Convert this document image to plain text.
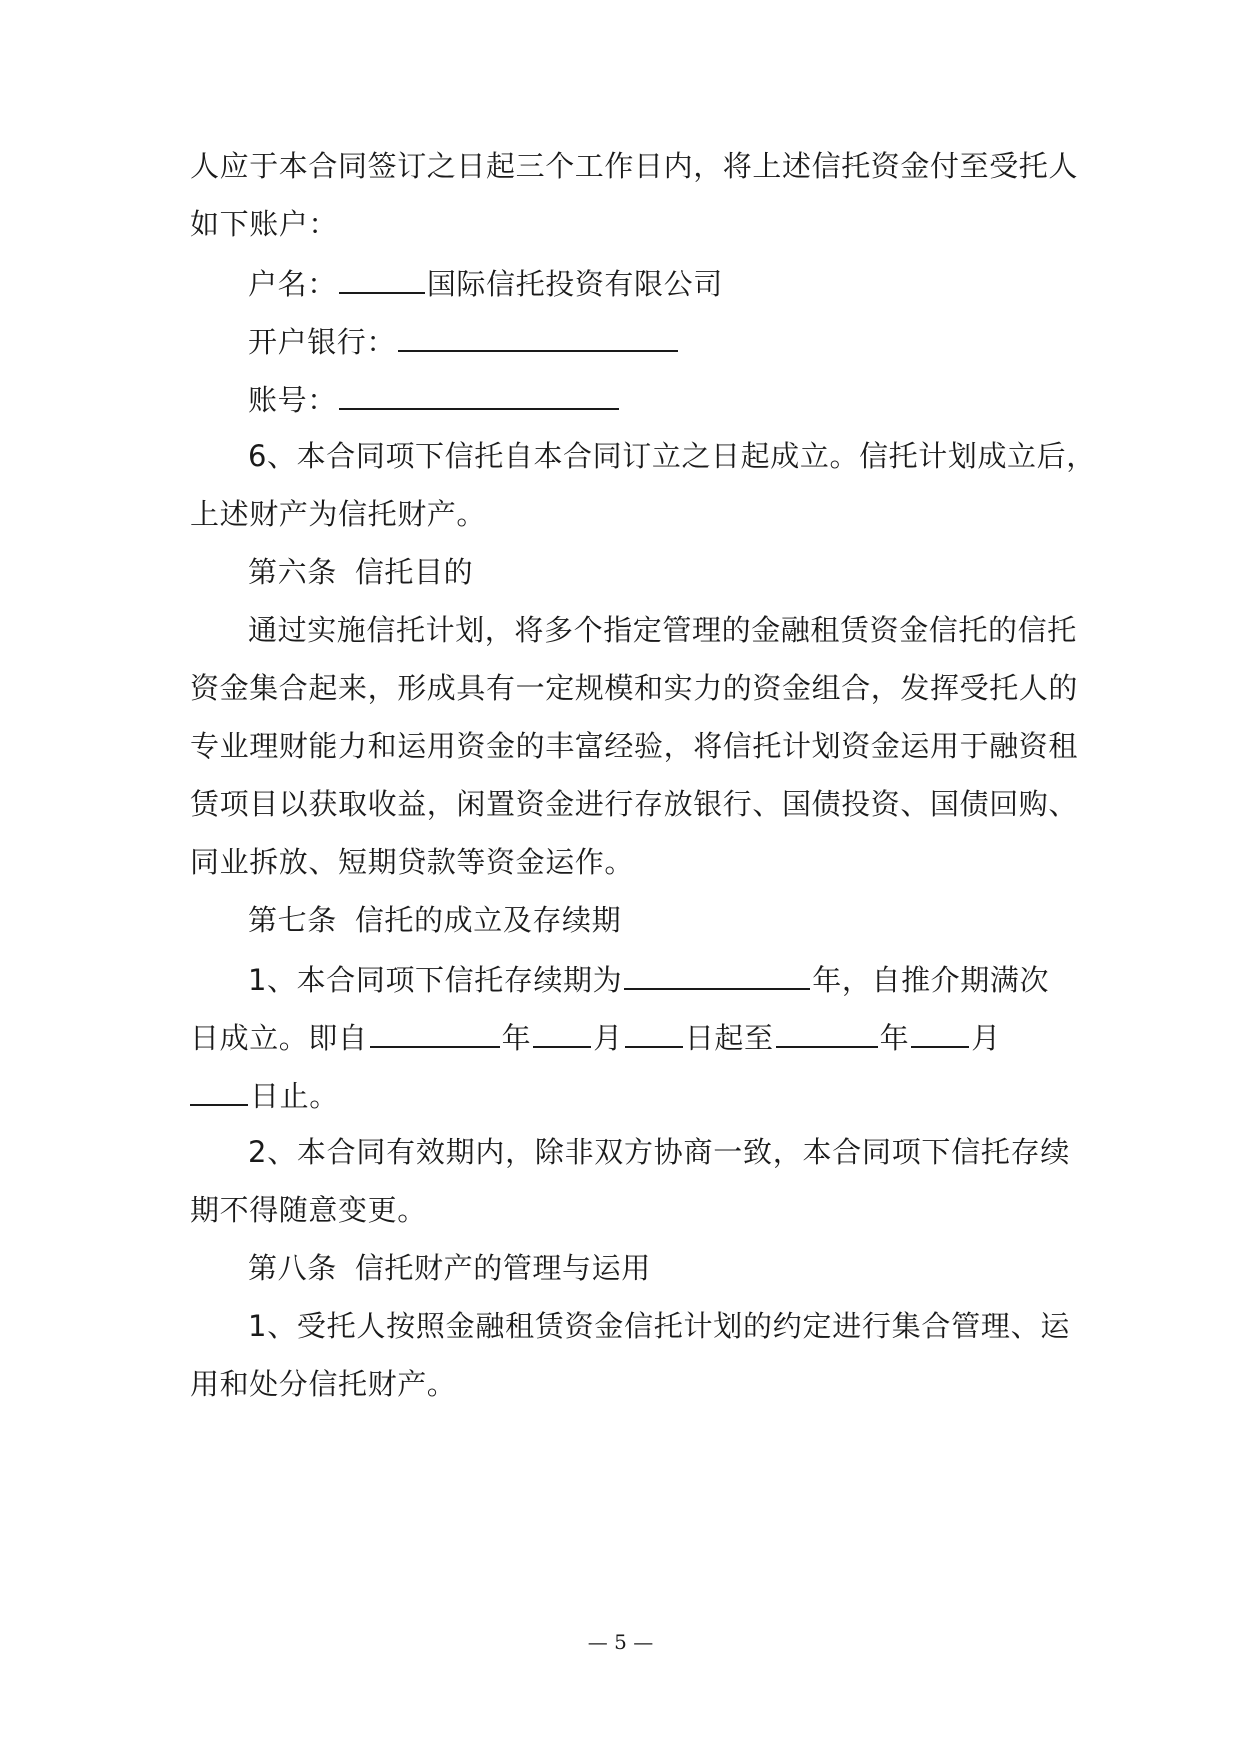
人应于本合同签订之日起三个工作日内，将上述信托资金付至受托人
如下账户：
户名：	国际信托投资有限公司
开户银行：
账号：
6、本合同项下信托自本合同订立之日起成立。信托计划成立后，
上述财产为信托财产。
第六条 信托目的
通过实施信托计划，将多个指定管理的金融租赁资金信托的信托
资金集合起来，形成具有一定规模和实力的资金组合，发挥受托人的
专业理财能力和运用资金的丰富经验，将信托计划资金运用于融资租
赁项目以获取收益，闲置资金进行存放银行、国债投资、国债回购、
同业拆放、短期贷款等资金运作。
第七条 信托的成立及存续期
1、本合同项下信托存续期为	年，自推介期满次
日成立。即自	年 月 日起至	年 月
日止。
2、本合同有效期内，除非双方协商一致，本合同项下信托存续
期不得随意变更。
第八条 信托财产的管理与运用
1、受托人按照金融租赁资金信托计划的约定进行集合管理、运
用和处分信托财产。
— 5 —
